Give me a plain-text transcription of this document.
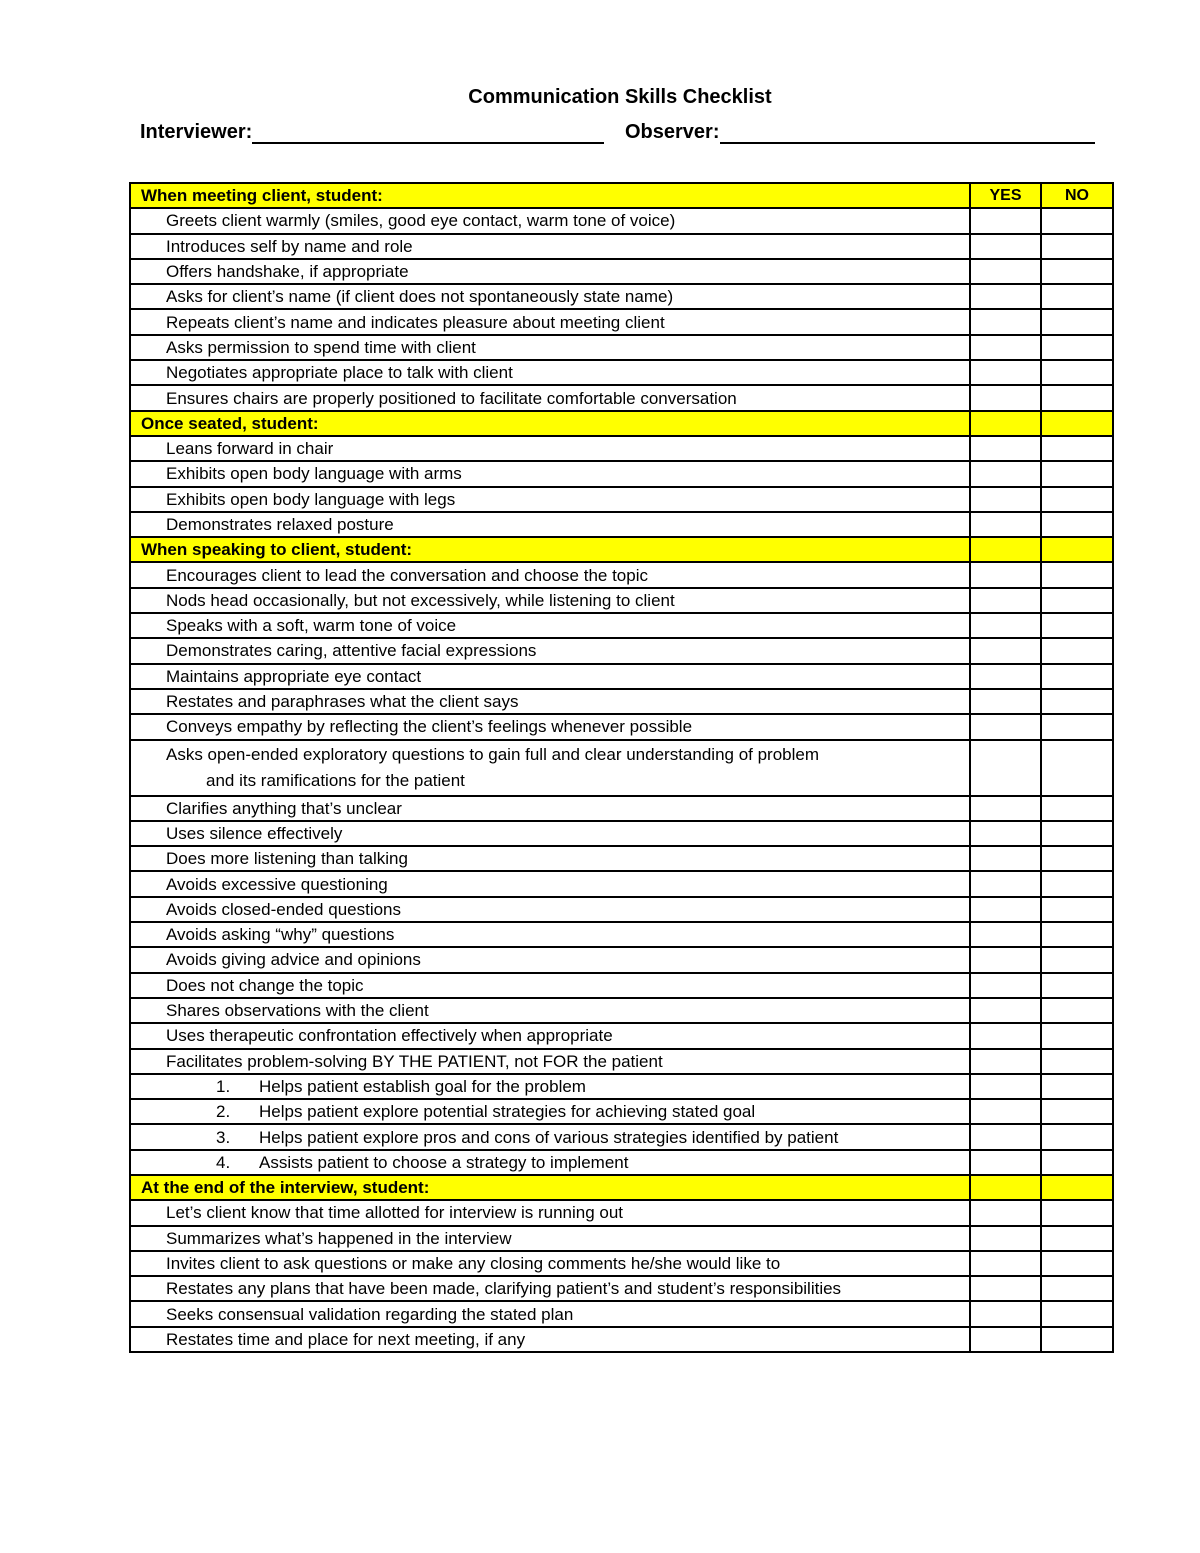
Communication Skills Checklist
Interviewer:	Observer:
When meeting client, student:	YES	NO
Greets client warmly (smiles, good eye contact, warm tone of voice)		
Introduces self by name and role		
Offers handshake, if appropriate		
Asks for client’s name (if client does not spontaneously state name)		
Repeats client’s name and indicates pleasure about meeting client		
Asks permission to spend time with client		
Negotiates appropriate place to talk with client		
Ensures chairs are properly positioned to facilitate comfortable conversation		
Once seated, student:		
Leans forward in chair		
Exhibits open body language with arms		
Exhibits open body language with legs		
Demonstrates relaxed posture		
When speaking to client, student:		
Encourages client to lead the conversation and choose the topic		
Nods head occasionally, but not excessively, while listening to client		
Speaks with a soft, warm tone of voice		
Demonstrates caring, attentive facial expressions		
Maintains appropriate eye contact		
Restates and paraphrases what the client says		
Conveys empathy by reflecting the client’s feelings whenever possible		
Asks open-ended exploratory questions to gain full and clear understanding of problem
and its ramifications for the patient		

Clarifies anything that’s unclear		
Uses silence effectively		
Does more listening than talking		
Avoids excessive questioning		
Avoids closed-ended questions		
Avoids asking “why” questions		
Avoids giving advice and opinions		
Does not change the topic		
Shares observations with the client		
Uses therapeutic confrontation effectively when appropriate		
Facilitates problem-solving BY THE PATIENT, not FOR the patient		
1. Helps patient establish goal for the problem		
2. Helps patient explore potential strategies for achieving stated goal		
3. Helps patient explore pros and cons of various strategies identified by patient		
4. Assists patient to choose a strategy to implement		
At the end of the interview, student:		
Let’s client know that time allotted for interview is running out		
Summarizes what’s happened in the interview		
Invites client to ask questions or make any closing comments he/she would like to		
Restates any plans that have been made, clarifying patient’s and student’s responsibilities		
Seeks consensual validation regarding the stated plan		
Restates time and place for next meeting, if any		
